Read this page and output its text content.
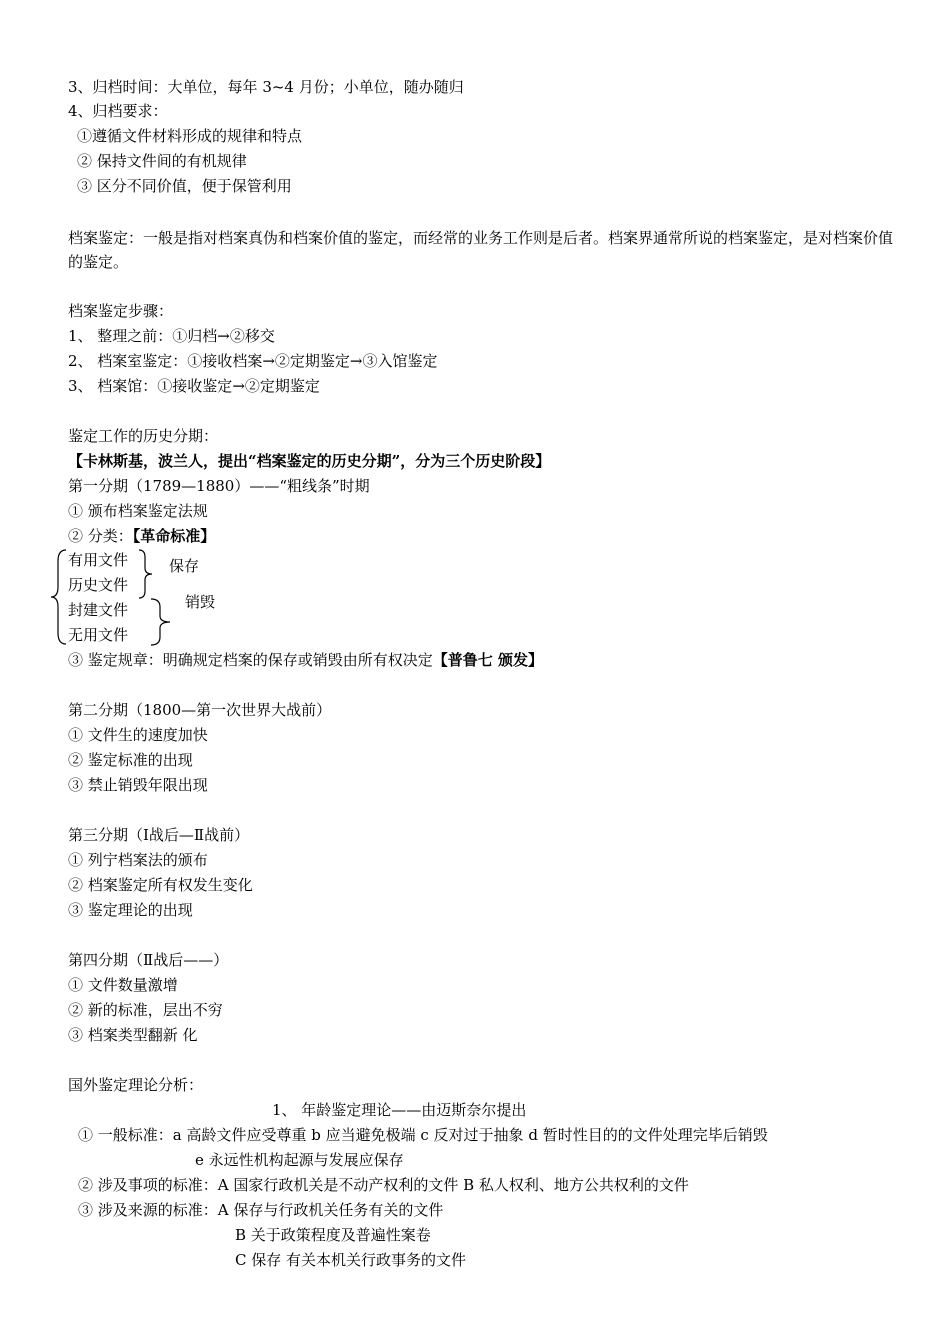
3、归档时间：大单位，每年 3~4 月份；小单位，随办随归
4、归档要求：
①遵循文件材料形成的规律和特点
② 保持文件间的有机规律
③ 区分不同价值，便于保管利用
档案鉴定：一般是指对档案真伪和档案价值的鉴定，而经常的业务工作则是后者。档案界通常所说的档案鉴定，是对档案价值的鉴定。
档案鉴定步骤：
1、 整理之前：①归档→②移交
2、 档案室鉴定：①接收档案→②定期鉴定→③入馆鉴定
3、 档案馆：①接收鉴定→②定期鉴定
鉴定工作的历史分期：
【卡林斯基，波兰人，提出“档案鉴定的历史分期”，分为三个历史阶段】
第一分期（1789—1880）——“粗线条”时期
① 颁布档案鉴定法规
② 分类：【革命标准】
有用文件
历史文件
封建文件
无用文件
保存
销毁
③ 鉴定规章：明确规定档案的保存或销毁由所有权决定【普鲁七 颁发】
第二分期（1800—第一次世界大战前）
① 文件生的速度加快
② 鉴定标准的出现
③ 禁止销毁年限出现
第三分期（Ⅰ战后—Ⅱ战前）
① 列宁档案法的颁布
② 档案鉴定所有权发生变化
③ 鉴定理论的出现
第四分期（Ⅱ战后——）
① 文件数量激增
② 新的标准，层出不穷
③ 档案类型翻新 化
国外鉴定理论分析：
1、 年龄鉴定理论——由迈斯奈尔提出
① 一般标准：a 高龄文件应受尊重 b 应当避免极端 c 反对过于抽象 d 暂时性目的的文件处理完毕后销毁
e 永远性机构起源与发展应保存
② 涉及事项的标准：A 国家行政机关是不动产权利的文件 B 私人权利、地方公共权利的文件
③ 涉及来源的标准：A 保存与行政机关任务有关的文件
B 关于政策程度及普遍性案卷
C 保存 有关本机关行政事务的文件
